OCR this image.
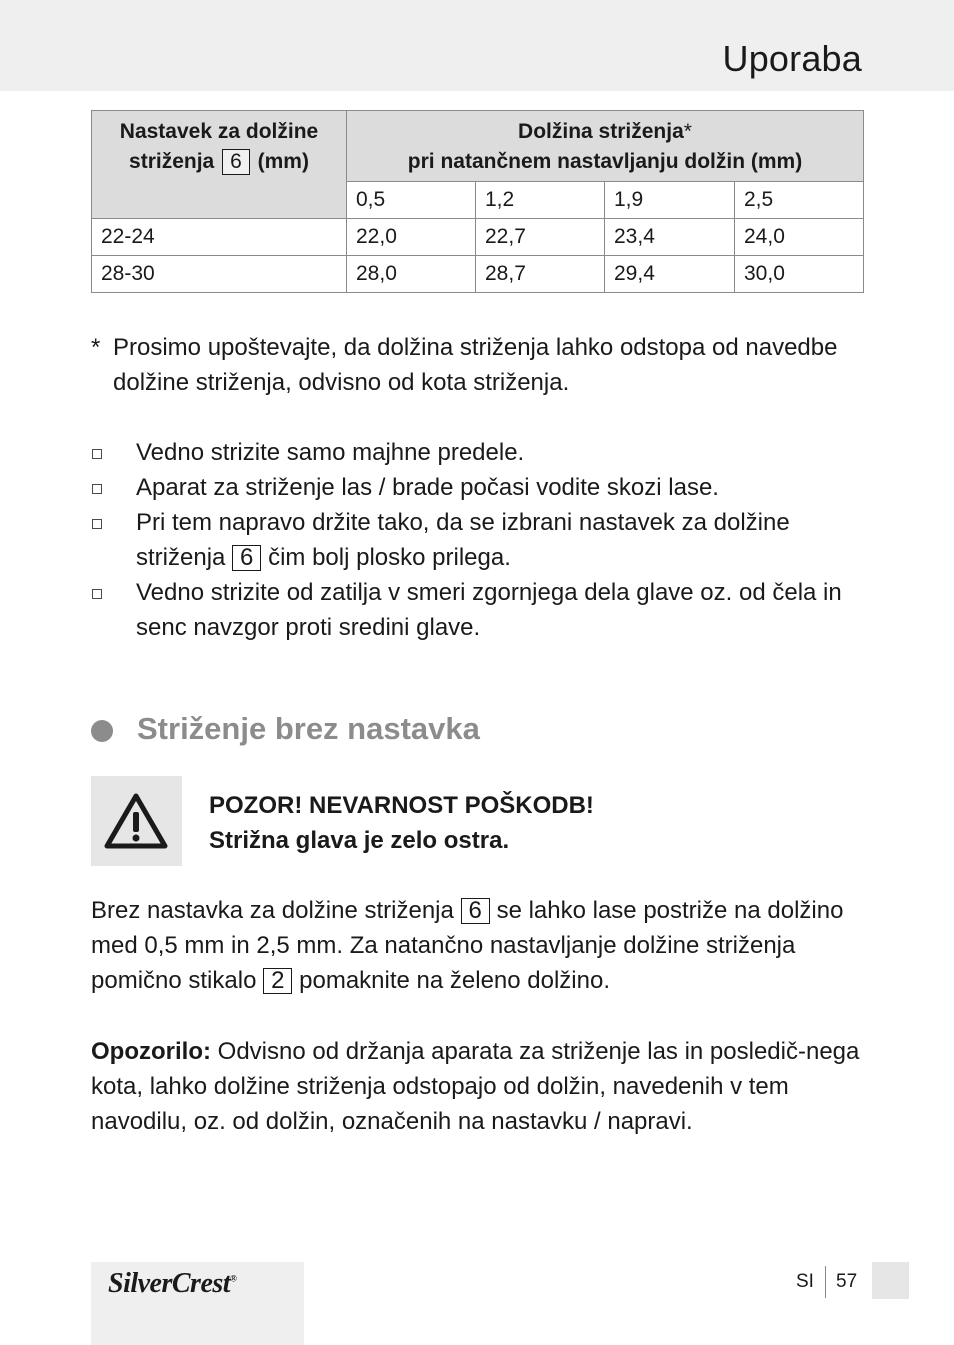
Uporaba
Nastavek za dolžine
striženja 6 (mm)	Dolžina striženja*
pri natančnem nastavljanju dolžin (mm)			
	0,5	1,2	1,9	2,5
22-24	22,0	22,7	23,4	24,0
28-30	28,0	28,7	29,4	30,0
* Prosimo upoštevajte, da dolžina striženja lahko odstopa od navedbe dolžine striženja, odvisno od kota striženja.
Vedno strizite samo majhne predele.
Aparat za striženje las / brade počasi vodite skozi lase.
Pri tem napravo držite tako, da se izbrani nastavek za dolžine striženja 6 čim bolj plosko prilega.
Vedno strizite od zatilja v smeri zgornjega dela glave oz. od čela in senc navzgor proti sredini glave.
Striženje brez nastavka
POZOR! NEVARNOST POŠKODB!
Strižna glava je zelo ostra.
Brez nastavka za dolžine striženja 6 se lahko lase postriže na dolžino med 0,5 mm in 2,5 mm. Za natančno nastavljanje dolžine striženja pomično stikalo 2 pomaknite na želeno dolžino.
Opozorilo: Odvisno od držanja aparata za striženje las in posledič-nega kota, lahko dolžine striženja odstopajo od dolžin, navedenih v tem navodilu, oz. od dolžin, označenih na nastavku / napravi.
SilverCrest®	SI 57
